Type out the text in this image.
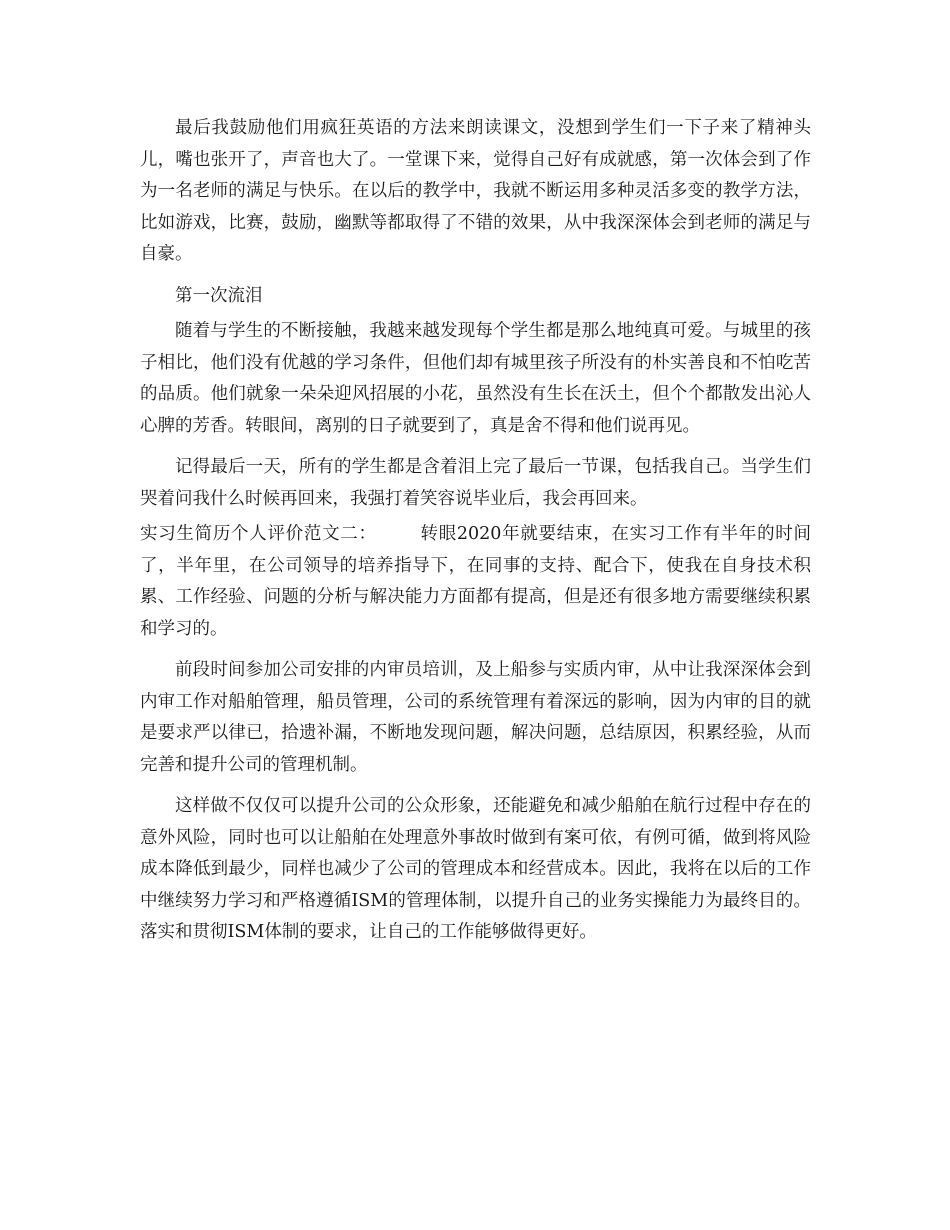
最后我鼓励他们用疯狂英语的方法来朗读课文，没想到学生们一下子来了精神头儿，嘴也张开了，声音也大了。一堂课下来，觉得自己好有成就感，第一次体会到了作为一名老师的满足与快乐。在以后的教学中，我就不断运用多种灵活多变的教学方法，比如游戏，比赛，鼓励，幽默等都取得了不错的效果，从中我深深体会到老师的满足与自豪。

第一次流泪

随着与学生的不断接触，我越来越发现每个学生都是那么地纯真可爱。与城里的孩子相比，他们没有优越的学习条件，但他们却有城里孩子所没有的朴实善良和不怕吃苦的品质。他们就象一朵朵迎风招展的小花，虽然没有生长在沃土，但个个都散发出沁人心脾的芳香。转眼间，离别的日子就要到了，真是舍不得和他们说再见。

记得最后一天，所有的学生都是含着泪上完了最后一节课，包括我自己。当学生们哭着问我什么时候再回来，我强打着笑容说毕业后，我会再回来。

实习生简历个人评价范文二：	转眼2020年就要结束，在实习工作有半年的时间了，半年里，在公司领导的培养指导下，在同事的支持、配合下，使我在自身技术积累、工作经验、问题的分析与解决能力方面都有提高，但是还有很多地方需要继续积累和学习的。

前段时间参加公司安排的内审员培训，及上船参与实质内审，从中让我深深体会到内审工作对船舶管理，船员管理，公司的系统管理有着深远的影响，因为内审的目的就是要求严以律已，拾遗补漏，不断地发现问题，解决问题，总结原因，积累经验，从而完善和提升公司的管理机制。

这样做不仅仅可以提升公司的公众形象，还能避免和减少船舶在航行过程中存在的意外风险，同时也可以让船舶在处理意外事故时做到有案可依，有例可循，做到将风险成本降低到最少，同样也减少了公司的管理成本和经营成本。因此，我将在以后的工作中继续努力学习和严格遵循ISM的管理体制，以提升自己的业务实操能力为最终目的。落实和贯彻ISM体制的要求，让自己的工作能够做得更好。
